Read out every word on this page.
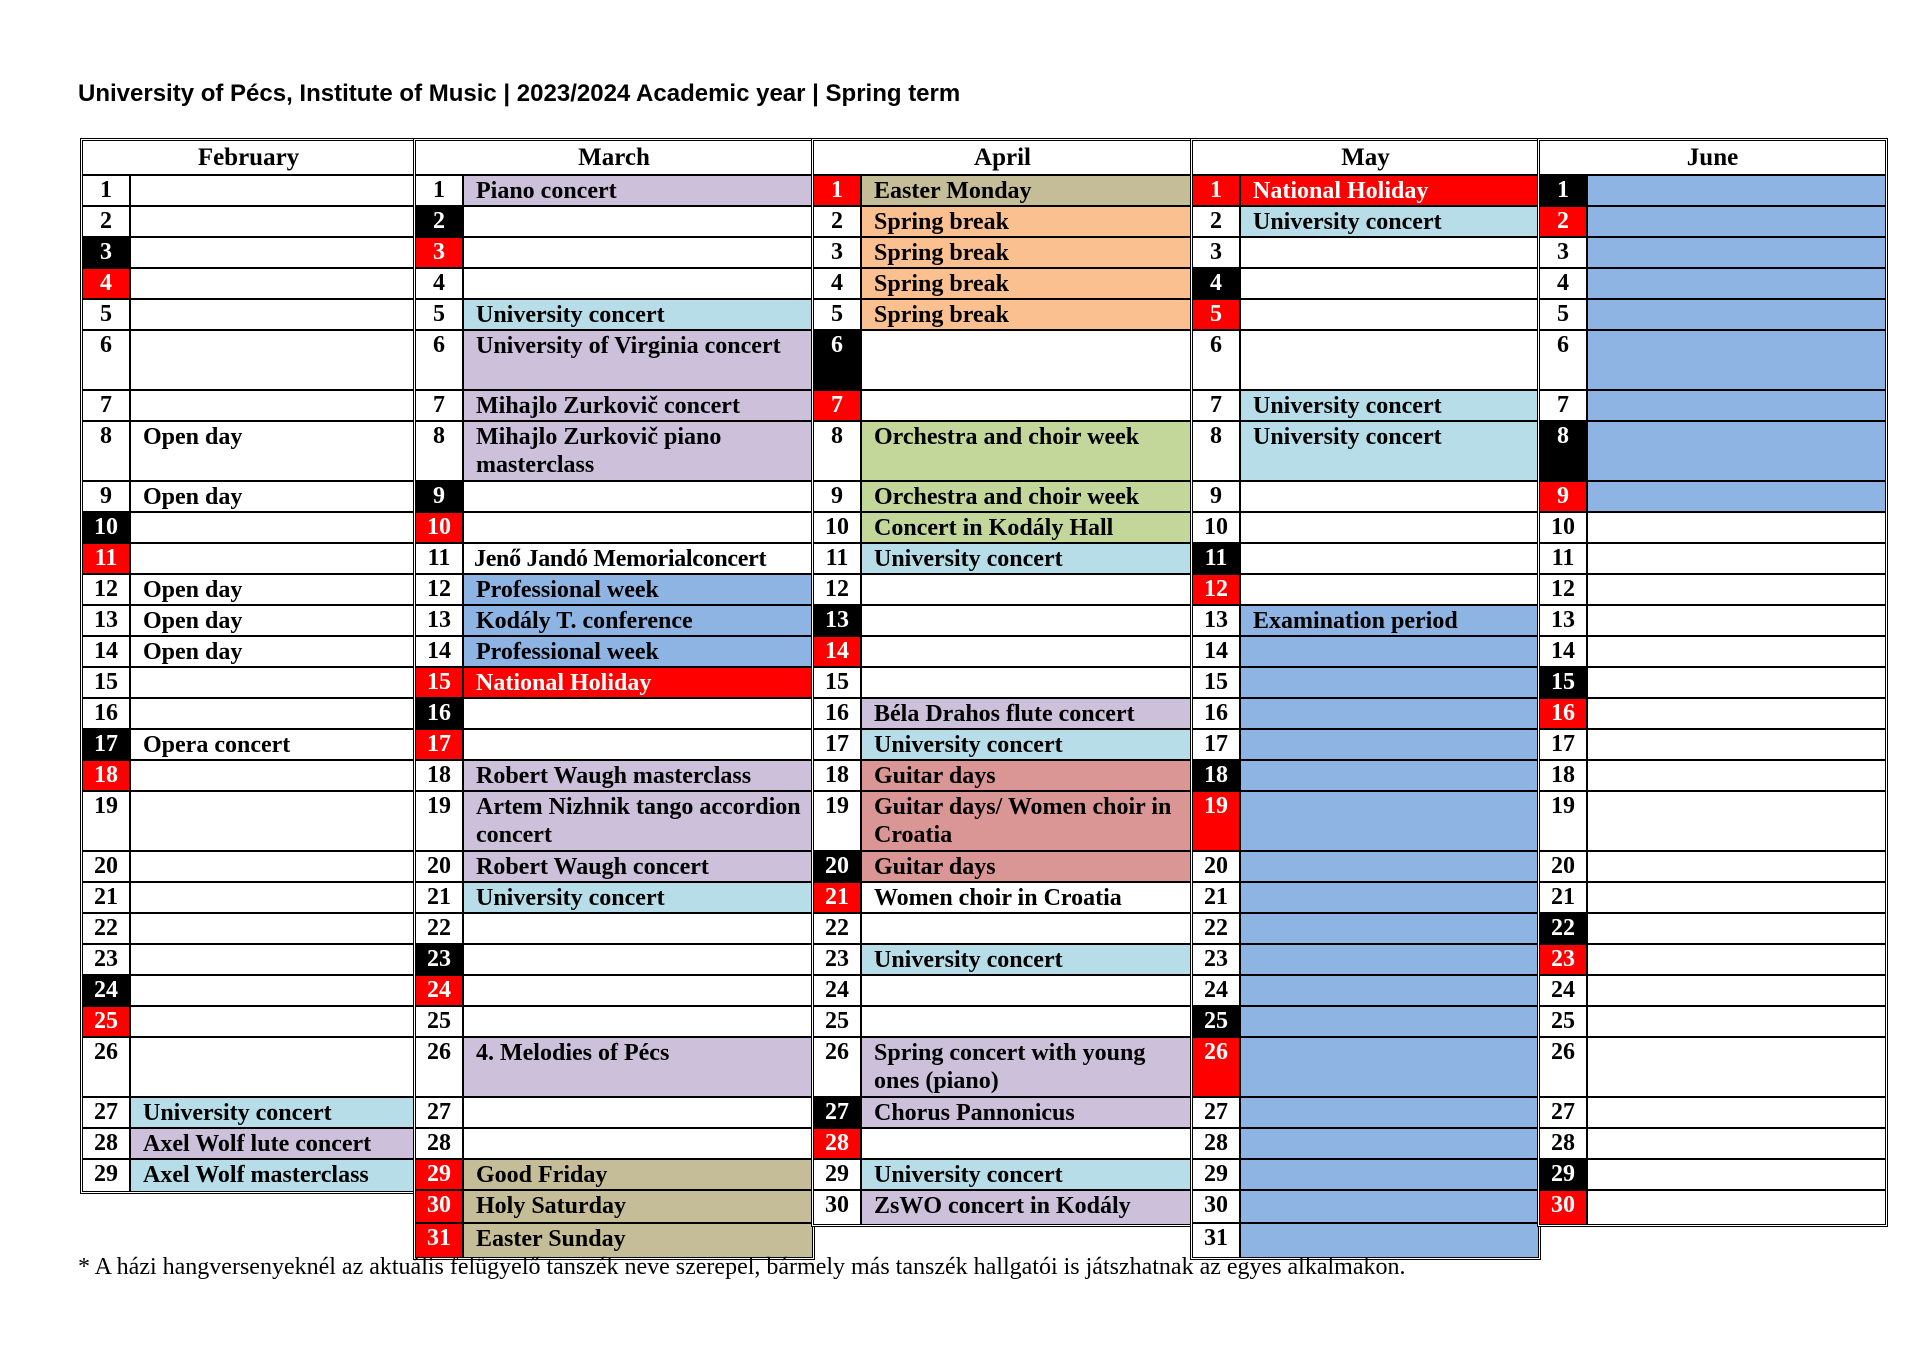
University of Pécs, Institute of Music | 2023/2024 Academic year | Spring term
February
1
2
3
4
5
6
7
8	Open day
9	Open day
10
11
12	Open day
13	Open day
14	Open day
15
16
17	Opera concert
18
19
20
21
22
23
24
25
26
27	University concert
28	Axel Wolf lute concert
29	Axel Wolf masterclass
March
1	Piano concert
2
3
4
5	University concert
6	University of Virginia concert
7	Mihajlo Zurkovič concert
8	Mihajlo Zurkovič piano masterclass
9
10
11 Jenő Jandó Memorialconcert
12	Professional week
13	Kodály T. conference
14	Professional week
15	National Holiday
16
17
18	Robert Waugh masterclass
19	Artem Nizhnik tango accordion concert
20	Robert Waugh concert
21	University concert
22
23
24
25
26	4. Melodies of Pécs
27
28
29	Good Friday
30	Holy Saturday
31	Easter Sunday
April
1	Easter Monday
2	Spring break
3	Spring break
4	Spring break
5	Spring break
6
7
8	Orchestra and choir week
9	Orchestra and choir week
10	Concert in Kodály Hall
11	University concert
12
13
14
15
16	Béla Drahos flute concert
17	University concert
18	Guitar days
19	Guitar days/ Women choir in Croatia
20	Guitar days
21	Women choir in Croatia
22
23	University concert
24
25
26	Spring concert with young ones (piano)
27	Chorus Pannonicus
28
29	University concert
30	ZsWO concert in Kodály
May
1	National Holiday
2	University concert
3
4
5
6
7	University concert
8	University concert
9
10
11
12
13	Examination period
14
15
16
17
18
19
20
21
22
23
24
25
26
27
28
29
30
31
June
1
2
3
4
5
6
7
8
9
10
11
12
13
14
15
16
17
18
19
20
21
22
23
24
25
26
27
28
29
30
* A házi hangversenyeknél az aktuális felügyelő tanszék neve szerepel, bármely más tanszék hallgatói is játszhatnak az egyes alkalmakon.
